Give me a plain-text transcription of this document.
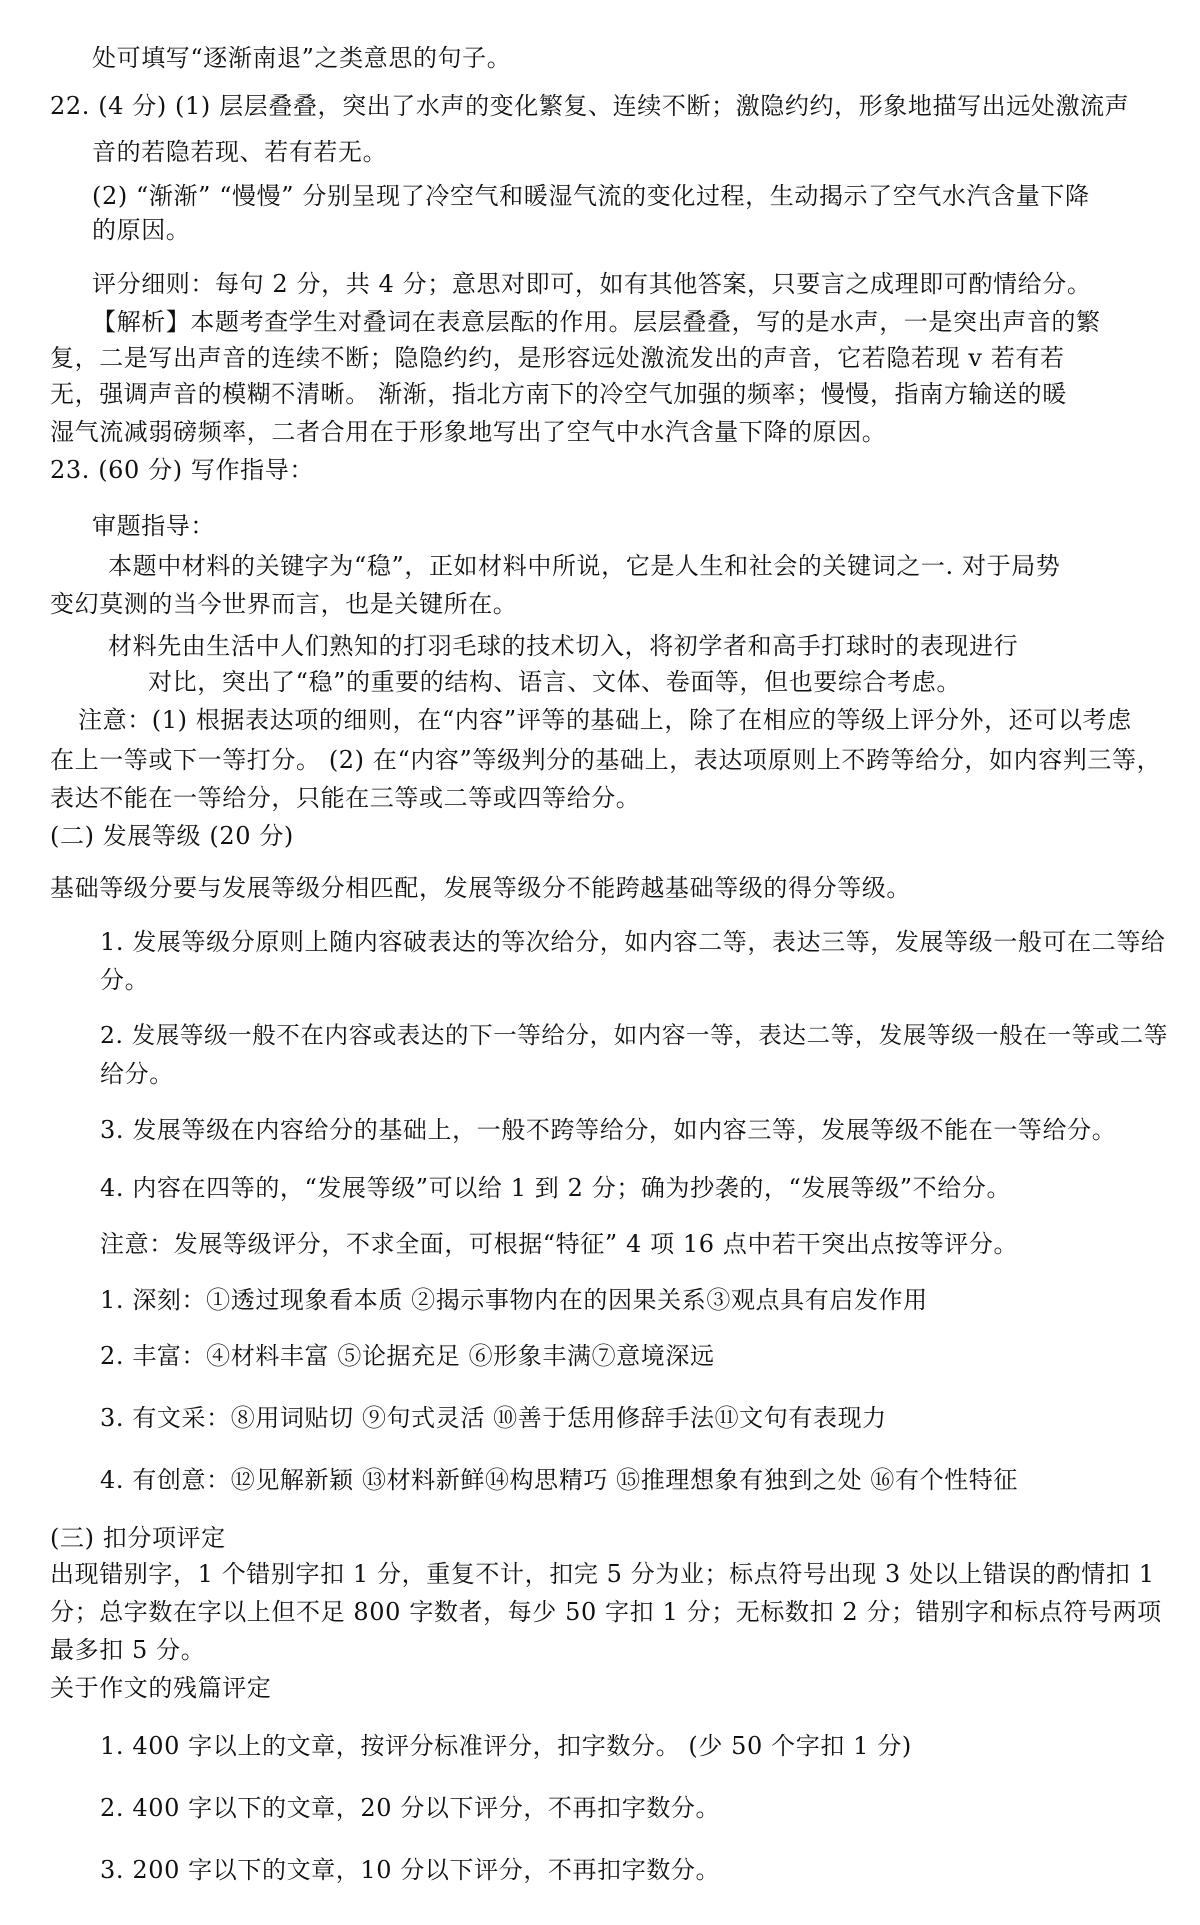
处可填写“逐渐南退”之类意思的句子。
22. (4 分) (1) 层层叠叠，突出了水声的变化繁复、连续不断；激隐约约，形象地描写出远处激流声
音的若隐若现、若有若无。
(2) “渐渐” “慢慢” 分别呈现了冷空气和暖湿气流的变化过程，生动揭示了空气水汽含量下降
的原因。
评分细则：每句 2 分，共 4 分；意思对即可，如有其他答案，只要言之成理即可酌情给分。
【解析】本题考查学生对叠词在表意层酝的作用。层层叠叠，写的是水声，一是突出声音的繁
复，二是写出声音的连续不断；隐隐约约，是形容远处激流发出的声音，它若隐若现 v 若有若
无，强调声音的模糊不清晰。 渐渐，指北方南下的冷空气加强的频率；慢慢，指南方输送的暖
湿气流减弱磅频率，二者合用在于形象地写出了空气中水汽含量下降的原因。
23. (60 分) 写作指导：
审题指导：
本题中材料的关键字为“稳”，正如材料中所说，它是人生和社会的关键词之一. 对于局势
变幻莫测的当今世界而言，也是关键所在。
材料先由生活中人们熟知的打羽毛球的技术切入，将初学者和高手打球时的表现进行
对比，突出了“稳”的重要的结构、语言、文体、卷面等，但也要综合考虑。
注意：(1) 根据表达项的细则，在“内容”评等的基础上，除了在相应的等级上评分外，还可以考虑
在上一等或下一等打分。 (2) 在“内容”等级判分的基础上，表达项原则上不跨等给分，如内容判三等，
表达不能在一等给分，只能在三等或二等或四等给分。
(二) 发展等级 (20 分)
基础等级分要与发展等级分相匹配，发展等级分不能跨越基础等级的得分等级。
1. 发展等级分原则上随内容破表达的等次给分，如内容二等，表达三等，发展等级一般可在二等给
分。
2. 发展等级一般不在内容或表达的下一等给分，如内容一等，表达二等，发展等级一般在一等或二等
给分。
3. 发展等级在内容给分的基础上，一般不跨等给分，如内容三等，发展等级不能在一等给分。
4. 内容在四等的，“发展等级”可以给 1 到 2 分；确为抄袭的，“发展等级”不给分。
注意：发展等级评分，不求全面，可根据“特征” 4 项 16 点中若干突出点按等评分。
1. 深刻：①透过现象看本质 ②揭示事物内在的因果关系③观点具有启发作用
2. 丰富：④材料丰富 ⑤论据充足 ⑥形象丰满⑦意境深远
3. 有文采：⑧用词贴切 ⑨句式灵活 ⑩善于恁用修辞手法⑪文句有表现力
4. 有创意：⑫见解新颖 ⑬材料新鲜⑭构思精巧 ⑮推理想象有独到之处 ⑯有个性特征
(三) 扣分项评定
出现错别字，1 个错别字扣 1 分，重复不计，扣完 5 分为业；标点符号出现 3 处以上错误的酌情扣 1
分；总字数在字以上但不足 800 字数者，每少 50 字扣 1 分；无标数扣 2 分；错别字和标点符号两项
最多扣 5 分。
关于作文的残篇评定
1. 400 字以上的文章，按评分标准评分，扣字数分。 (少 50 个字扣 1 分)
2. 400 字以下的文章，20 分以下评分，不再扣字数分。
3. 200 字以下的文章，10 分以下评分，不再扣字数分。
